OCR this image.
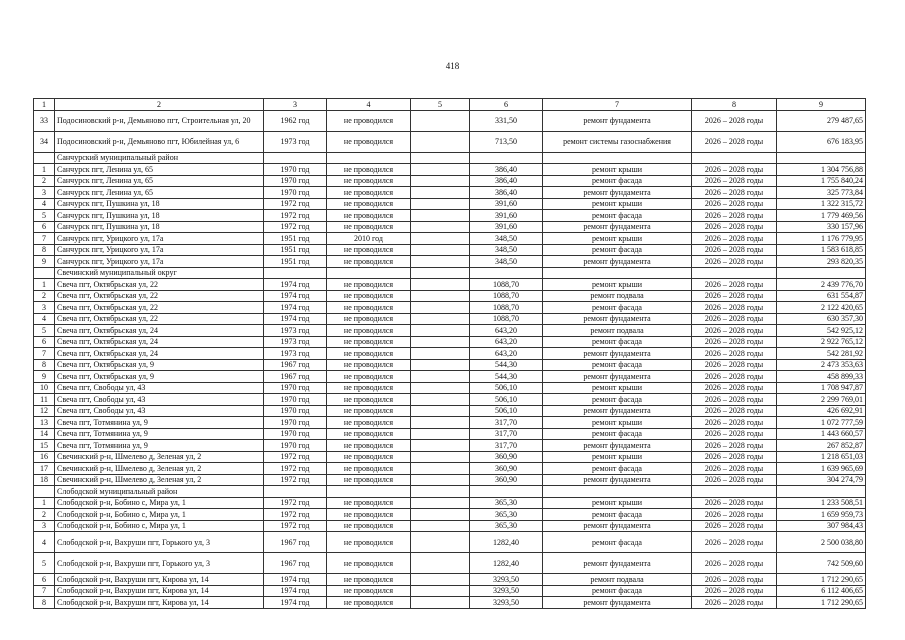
418
1	2	3	4	5	6	7	8	9
33	Подосиновский р-н, Демьяново пгт, Строительная ул, 20	1962 год	не проводился		331,50	ремонт фундамента	2026 – 2028 годы	279 487,65
34	Подосиновский р-н, Демьяново пгт, Юбилейная ул, 6	1973 год	не проводился		713,50	ремонт системы газоснабжения	2026 – 2028 годы	676 183,95
	Санчурский муниципальный район							
1	Санчурск пгт, Ленина ул, 65	1970 год	не проводился		386,40	ремонт крыши	2026 – 2028 годы	1 304 756,88
2	Санчурск пгт, Ленина ул, 65	1970 год	не проводился		386,40	ремонт фасада	2026 – 2028 годы	1 755 840,24
3	Санчурск пгт, Ленина ул, 65	1970 год	не проводился		386,40	ремонт фундамента	2026 – 2028 годы	325 773,84
4	Санчурск пгт, Пушкина ул, 18	1972 год	не проводился		391,60	ремонт крыши	2026 – 2028 годы	1 322 315,72
5	Санчурск пгт, Пушкина ул, 18	1972 год	не проводился		391,60	ремонт фасада	2026 – 2028 годы	1 779 469,56
6	Санчурск пгт, Пушкина ул, 18	1972 год	не проводился		391,60	ремонт фундамента	2026 – 2028 годы	330 157,96
7	Санчурск пгт, Урицкого ул, 17а	1951 год	2010 год		348,50	ремонт крыши	2026 – 2028 годы	1 176 779,95
8	Санчурск пгт, Урицкого ул, 17а	1951 год	не проводился		348,50	ремонт фасада	2026 – 2028 годы	1 583 618,85
9	Санчурск пгт, Урицкого ул, 17а	1951 год	не проводился		348,50	ремонт фундамента	2026 – 2028 годы	293 820,35
	Свечинский муниципальный округ							
1	Свеча пгт, Октябрьская ул, 22	1974 год	не проводился		1088,70	ремонт крыши	2026 – 2028 годы	2 439 776,70
2	Свеча пгт, Октябрьская ул, 22	1974 год	не проводился		1088,70	ремонт подвала	2026 – 2028 годы	631 554,87
3	Свеча пгт, Октябрьская ул, 22	1974 год	не проводился		1088,70	ремонт фасада	2026 – 2028 годы	2 122 420,65
4	Свеча пгт, Октябрьская ул, 22	1974 год	не проводился		1088,70	ремонт фундамента	2026 – 2028 годы	630 357,30
5	Свеча пгт, Октябрьская ул, 24	1973 год	не проводился		643,20	ремонт подвала	2026 – 2028 годы	542 925,12
6	Свеча пгт, Октябрьская ул, 24	1973 год	не проводился		643,20	ремонт фасада	2026 – 2028 годы	2 922 765,12
7	Свеча пгт, Октябрьская ул, 24	1973 год	не проводился		643,20	ремонт фундамента	2026 – 2028 годы	542 281,92
8	Свеча пгт, Октябрьская ул, 9	1967 год	не проводился		544,30	ремонт фасада	2026 – 2028 годы	2 473 353,63
9	Свеча пгт, Октябрьская ул, 9	1967 год	не проводился		544,30	ремонт фундамента	2026 – 2028 годы	458 899,33
10	Свеча пгт, Свободы ул, 43	1970 год	не проводился		506,10	ремонт крыши	2026 – 2028 годы	1 708 947,87
11	Свеча пгт, Свободы ул, 43	1970 год	не проводился		506,10	ремонт фасада	2026 – 2028 годы	2 299 769,01
12	Свеча пгт, Свободы ул, 43	1970 год	не проводился		506,10	ремонт фундамента	2026 – 2028 годы	426 692,91
13	Свеча пгт, Тотмянина ул, 9	1970 год	не проводился		317,70	ремонт крыши	2026 – 2028 годы	1 072 777,59
14	Свеча пгт, Тотмянина ул, 9	1970 год	не проводился		317,70	ремонт фасада	2026 – 2028 годы	1 443 660,57
15	Свеча пгт, Тотмянина ул, 9	1970 год	не проводился		317,70	ремонт фундамента	2026 – 2028 годы	267 852,87
16	Свечинский р-н, Шмелево д, Зеленая ул, 2	1972 год	не проводился		360,90	ремонт крыши	2026 – 2028 годы	1 218 651,03
17	Свечинский р-н, Шмелево д, Зеленая ул, 2	1972 год	не проводился		360,90	ремонт фасада	2026 – 2028 годы	1 639 965,69
18	Свечинский р-н, Шмелево д, Зеленая ул, 2	1972 год	не проводился		360,90	ремонт фундамента	2026 – 2028 годы	304 274,79
	Слободской муниципальный район							
1	Слободской р-н, Бобино с, Мира ул, 1	1972 год	не проводился		365,30	ремонт крыши	2026 – 2028 годы	1 233 508,51
2	Слободской р-н, Бобино с, Мира ул, 1	1972 год	не проводился		365,30	ремонт фасада	2026 – 2028 годы	1 659 959,73
3	Слободской р-н, Бобино с, Мира ул, 1	1972 год	не проводился		365,30	ремонт фундамента	2026 – 2028 годы	307 984,43
4	Слободской р-н, Вахруши пгт, Горького ул, 3	1967 год	не проводился		1282,40	ремонт фасада	2026 – 2028 годы	2 500 038,80
5	Слободской р-н, Вахруши пгт, Горького ул, 3	1967 год	не проводился		1282,40	ремонт фундамента	2026 – 2028 годы	742 509,60
6	Слободской р-н, Вахруши пгт, Кирова ул, 14	1974 год	не проводился		3293,50	ремонт подвала	2026 – 2028 годы	1 712 290,65
7	Слободской р-н, Вахруши пгт, Кирова ул, 14	1974 год	не проводился		3293,50	ремонт фасада	2026 – 2028 годы	6 112 406,65
8	Слободской р-н, Вахруши пгт, Кирова ул, 14	1974 год	не проводился		3293,50	ремонт фундамента	2026 – 2028 годы	1 712 290,65
